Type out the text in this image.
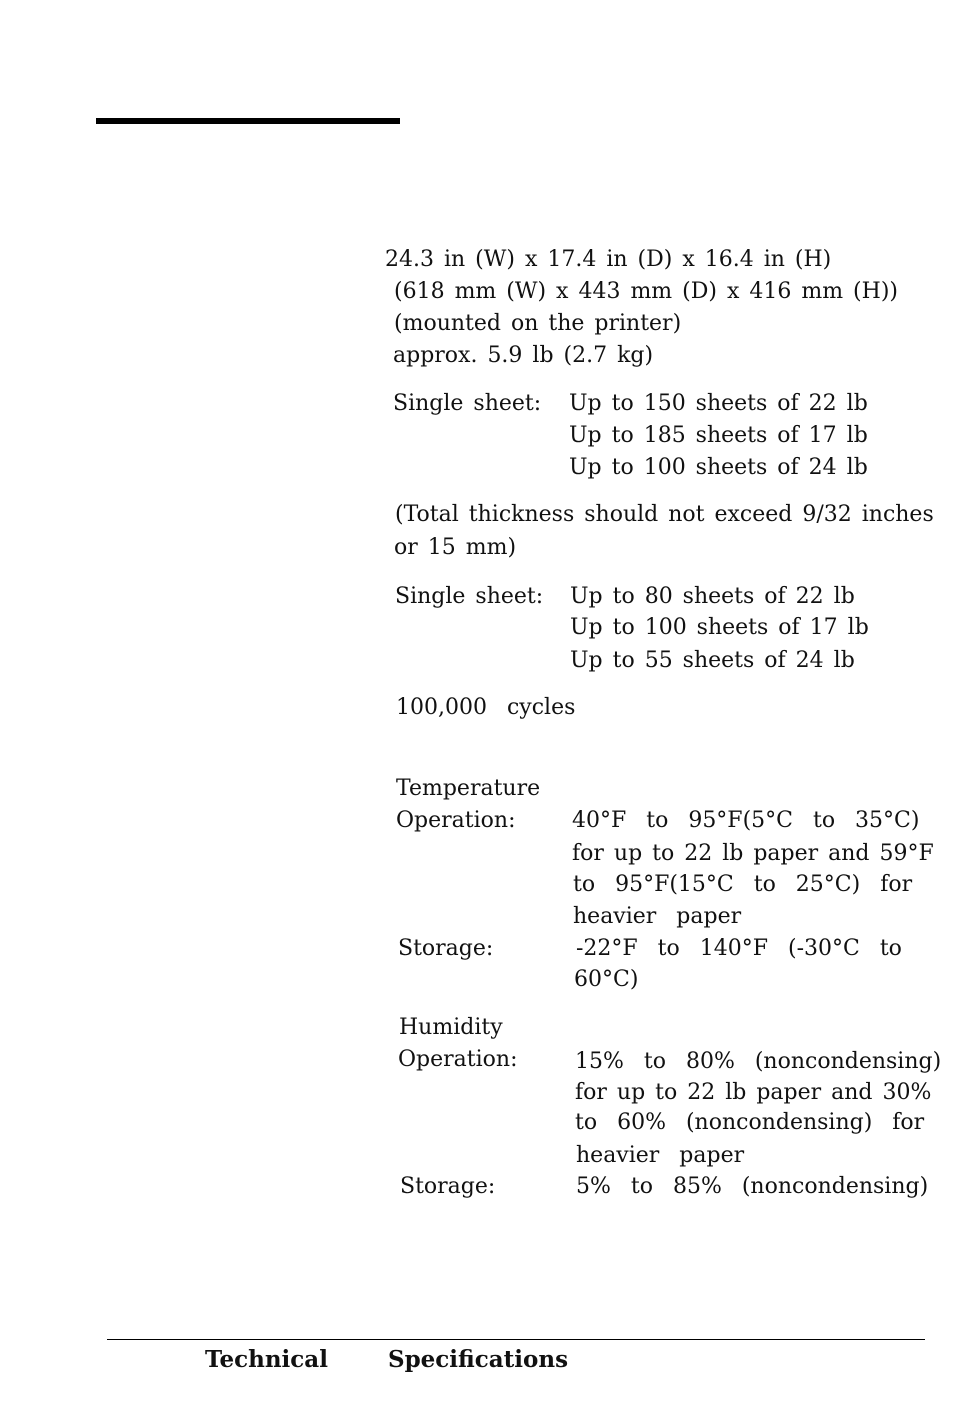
24.3 in (W) x 17.4 in (D) x 16.4 in (H)
(618 mm (W) x 443 mm (D) x 416 mm (H))
(mounted on the printer)
approx. 5.9 lb (2.7 kg)
Single sheet: Up to 150 sheets of 22 lb
Up to 185 sheets of 17 lb
Up to 100 sheets of 24 lb
(Total thickness should not exceed 9/32 inches
or 15 mm)
Single sheet: Up to 80 sheets of 22 lb
Up to 100 sheets of 17 lb
Up to 55 sheets of 24 lb
100,000  cycles
Temperature
Operation:	40°F  to  95°F(5°C  to  35°C)
for up to 22 lb paper and 59°F
to  95°F(15°C  to  25°C)  for
heavier  paper
Storage:	-22°F  to  140°F  (-30°C  to
60°C)
Humidity
Operation:	15%  to  80%  (noncondensing)
for up to 22 lb paper and 30%
to  60%  (noncondensing)  for
heavier  paper
Storage:	5%  to  85%  (noncondensing)
Technical   Specifications
